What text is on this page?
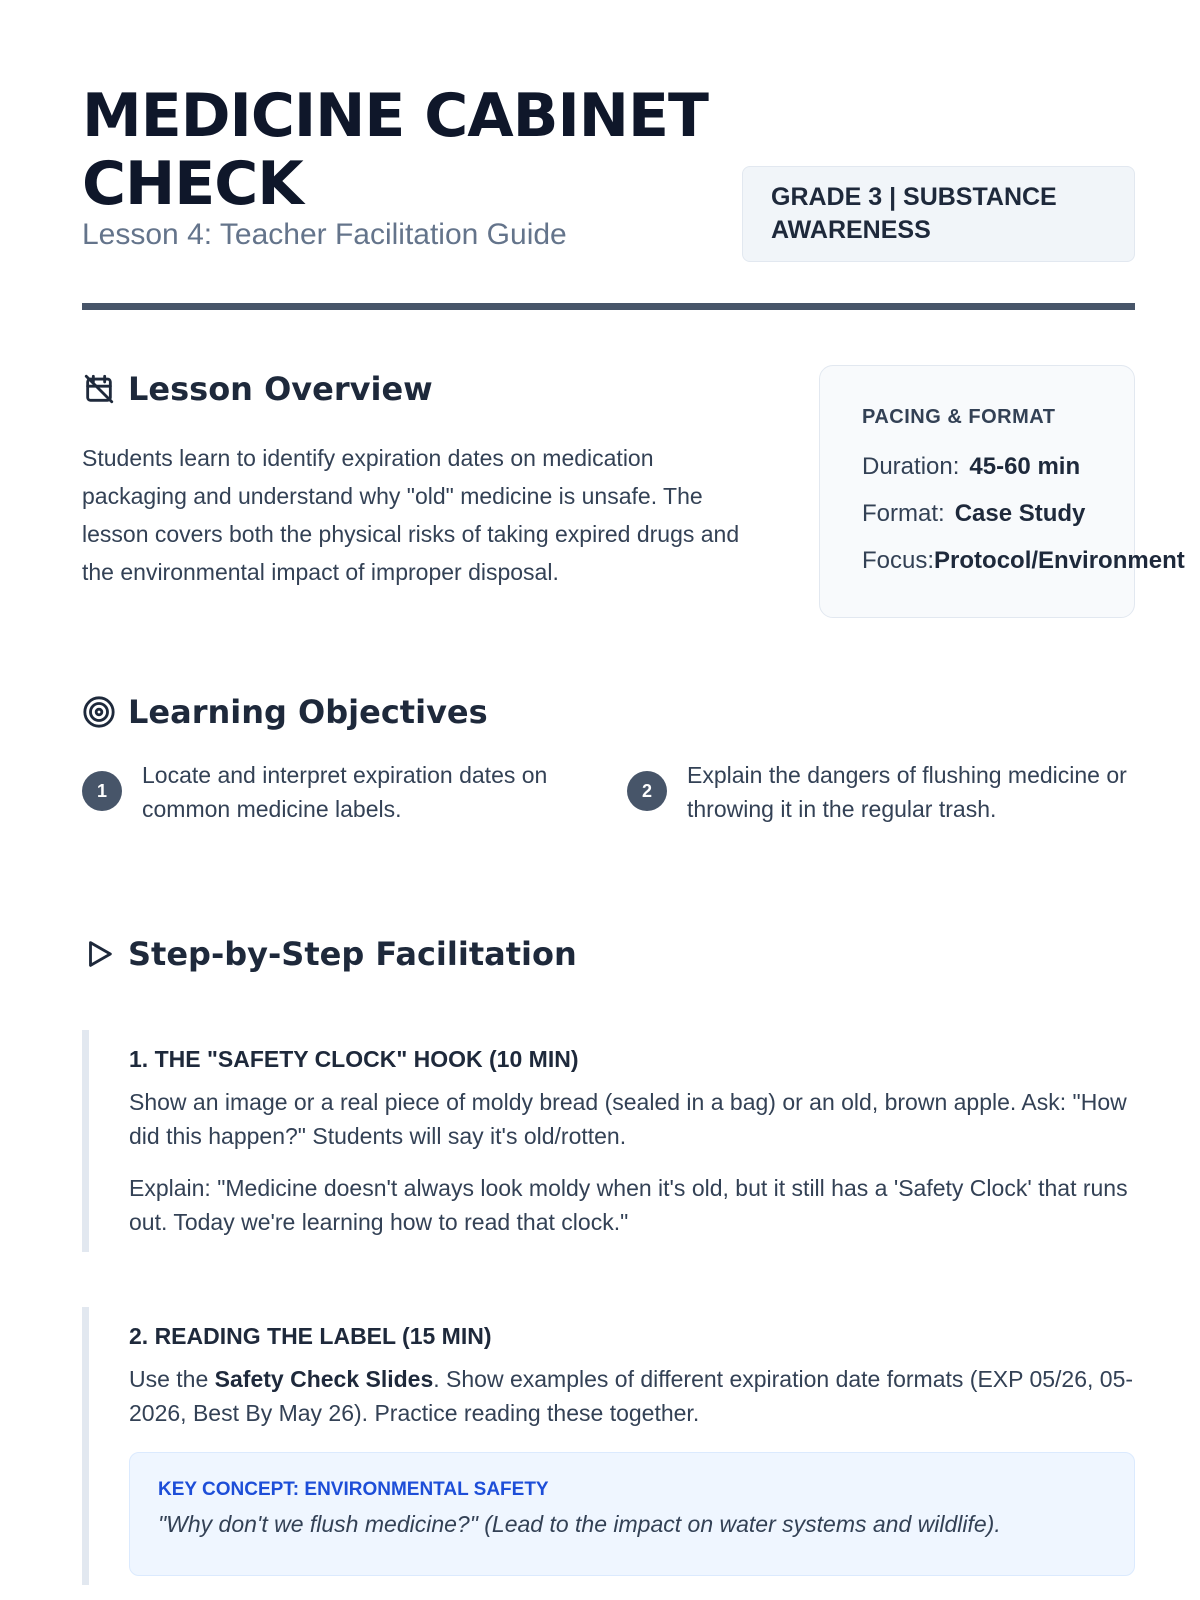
MEDICINE CABINET CHECK
Lesson 4: Teacher Facilitation Guide
GRADE 3 | SUBSTANCE AWARENESS
Lesson Overview

Students learn to identify expiration dates on medication packaging and understand why "old" medicine is unsafe. The lesson covers both the physical risks of taking expired drugs and the environmental impact of improper disposal.

PACING & FORMAT
Duration: 45-60 min
Format: Case Study
Focus:Protocol/Environment
Learning Objectives
1
Locate and interpret expiration dates on common medicine labels.
2
Explain the dangers of flushing medicine or throwing it in the regular trash.
Step-by-Step Facilitation
1. THE "SAFETY CLOCK" HOOK (10 MIN)

Show an image or a real piece of moldy bread (sealed in a bag) or an old, brown apple. Ask: "How did this happen?" Students will say it's old/rotten.

Explain: "Medicine doesn't always look moldy when it's old, but it still has a 'Safety Clock' that runs out. Today we're learning how to read that clock."

2. READING THE LABEL (15 MIN)

Use the Safety Check Slides. Show examples of different expiration date formats (EXP 05/26, 05-2026, Best By May 26). Practice reading these together.

KEY CONCEPT: ENVIRONMENTAL SAFETY
"Why don't we flush medicine?" (Lead to the impact on water systems and wildlife).
